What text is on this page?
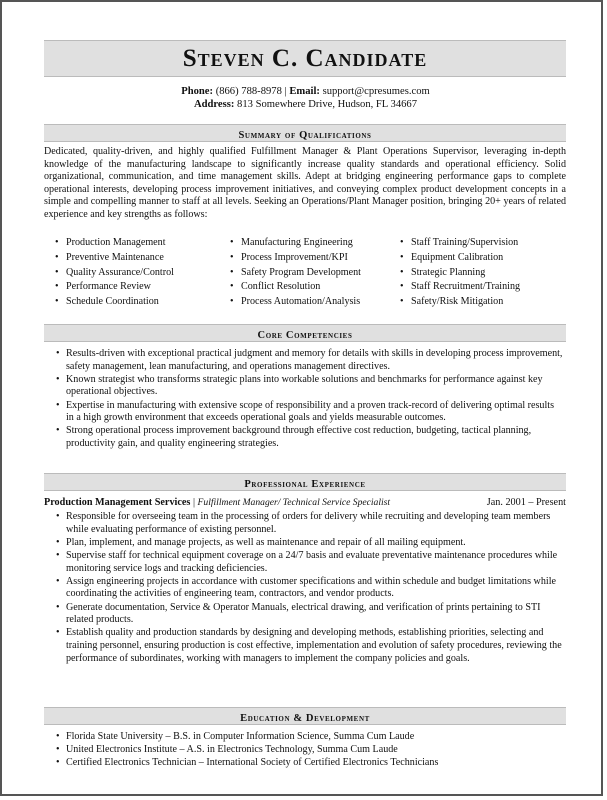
Steven C. Candidate
Phone: (866) 788-8978 | Email: support@cpresumes.com
Address: 813 Somewhere Drive, Hudson, FL 34667
Summary of Qualifications
Dedicated, quality-driven, and highly qualified Fulfillment Manager & Plant Operations Supervisor, leveraging in-depth knowledge of the manufacturing landscape to significantly increase quality standards and operational efficiency. Solid organizational, communication, and time management skills. Adept at bridging engineering performance gaps to complete operational interests, developing process improvement initiatives, and conveying complex product development concepts in a simple and compelling manner to staff at all levels. Seeking an Operations/Plant Manager position, bringing 20+ years of related experience and key strengths as follows:
• Production Management
• Preventive Maintenance
• Quality Assurance/Control
• Performance Review
• Schedule Coordination
• Manufacturing Engineering
• Process Improvement/KPI
• Safety Program Development
• Conflict Resolution
• Process Automation/Analysis
• Staff Training/Supervision
• Equipment Calibration
• Strategic Planning
• Staff Recruitment/Training
• Safety/Risk Mitigation
Core Competencies
• Results-driven with exceptional practical judgment and memory for details with skills in developing process improvement, safety management, lean manufacturing, and operations management directives.
• Known strategist who transforms strategic plans into workable solutions and benchmarks for performance against key operational objectives.
• Expertise in manufacturing with extensive scope of responsibility and a proven track-record of delivering optimal results in a high growth environment that exceeds operational goals and yields measurable outcomes.
• Strong operational process improvement background through effective cost reduction, budgeting, tactical planning, productivity gain, and quality engineering strategies.
Professional Experience
Production Management Services | Fulfillment Manager/ Technical Service Specialist	Jan. 2001 – Present
• Responsible for overseeing team in the processing of orders for delivery while recruiting and developing team members while evaluating performance of existing personnel.
• Plan, implement, and manage projects, as well as maintenance and repair of all mailing equipment.
• Supervise staff for technical equipment coverage on a 24/7 basis and evaluate preventative maintenance procedures while monitoring service logs and tracking deficiencies.
• Assign engineering projects in accordance with customer specifications and within schedule and budget limitations while coordinating the activities of engineering team, contractors, and vendor products.
• Generate documentation, Service & Operator Manuals, electrical drawing, and verification of prints pertaining to STI related products.
• Establish quality and production standards by designing and developing methods, establishing priorities, selecting and training personnel, ensuring production is cost effective, implementation and evolution of safety procedures, reviewing the performance of subordinates, working with managers to implement the company policies and goals.
Education & Development
• Florida State University – B.S. in Computer Information Science, Summa Cum Laude
• United Electronics Institute – A.S. in Electronics Technology, Summa Cum Laude
• Certified Electronics Technician – International Society of Certified Electronics Technicians
